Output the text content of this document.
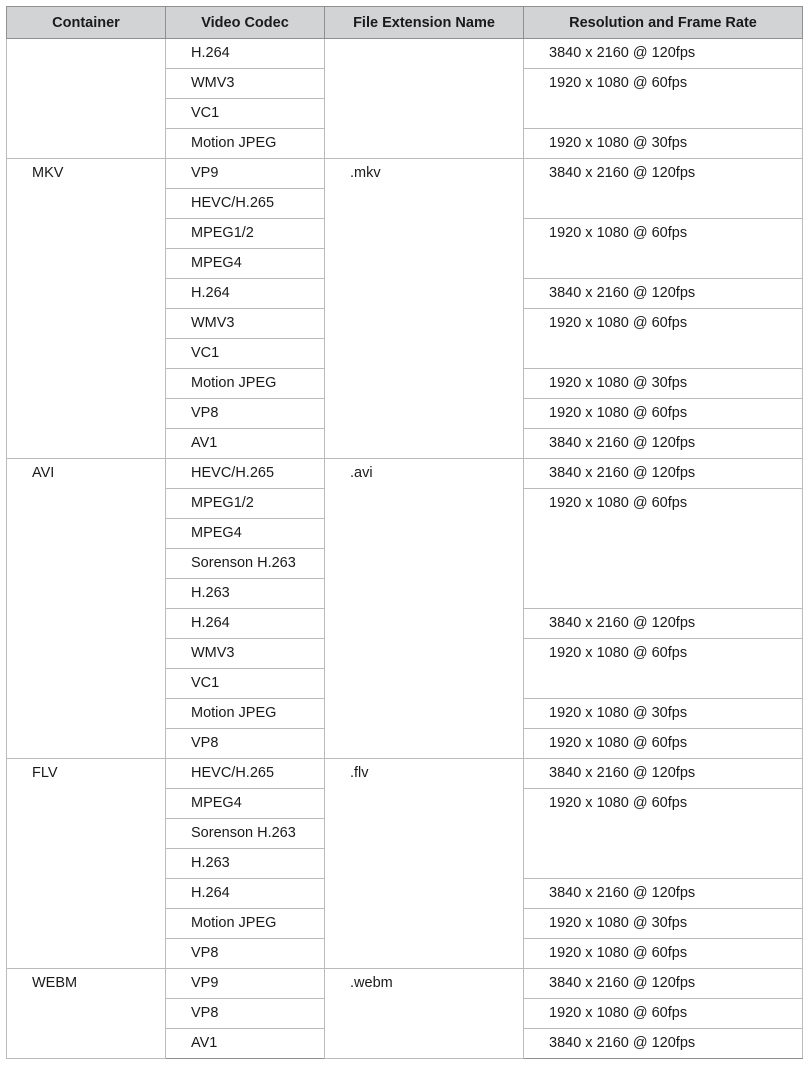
Container	Video Codec	File Extension Name	Resolution and Frame Rate
	H.264		3840 x 2160 @ 120fps
	WMV3		1920 x 1080 @ 60fps
	VC1		
	Motion JPEG		1920 x 1080 @ 30fps
MKV	VP9	.mkv	3840 x 2160 @ 120fps
	HEVC/H.265		
	MPEG1/2		1920 x 1080 @ 60fps
	MPEG4		
	H.264		3840 x 2160 @ 120fps
	WMV3		1920 x 1080 @ 60fps
	VC1		
	Motion JPEG		1920 x 1080 @ 30fps
	VP8		1920 x 1080 @ 60fps
	AV1		3840 x 2160 @ 120fps
AVI	HEVC/H.265	.avi	3840 x 2160 @ 120fps
	MPEG1/2		1920 x 1080 @ 60fps
	MPEG4		
	Sorenson H.263		
	H.263		
	H.264		3840 x 2160 @ 120fps
	WMV3		1920 x 1080 @ 60fps
	VC1		
	Motion JPEG		1920 x 1080 @ 30fps
	VP8		1920 x 1080 @ 60fps
FLV	HEVC/H.265	.flv	3840 x 2160 @ 120fps
	MPEG4		1920 x 1080 @ 60fps
	Sorenson H.263		
	H.263		
	H.264		3840 x 2160 @ 120fps
	Motion JPEG		1920 x 1080 @ 30fps
	VP8		1920 x 1080 @ 60fps
WEBM	VP9	.webm	3840 x 2160 @ 120fps
	VP8		1920 x 1080 @ 60fps
	AV1		3840 x 2160 @ 120fps
